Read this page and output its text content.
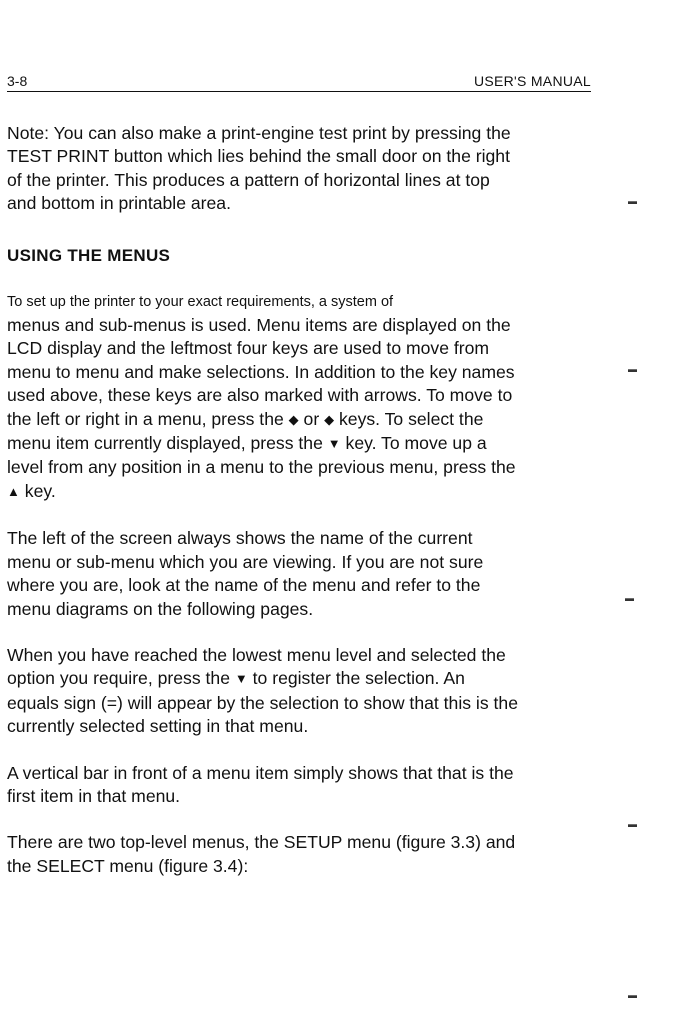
3-8	USER'S MANUAL

Note: You can also make a print-engine test print by pressing the
TEST PRINT button which lies behind the small door on the right
of the printer. This produces a pattern of horizontal lines at top
and bottom in printable area.

USING THE MENUS

To set up the printer to your exact requirements, a system of
menus and sub-menus is used. Menu items are displayed on the
LCD display and the leftmost four keys are used to move from
menu to menu and make selections. In addition to the key names
used above, these keys are also marked with arrows. To move to
the left or right in a menu, press the ◆ or ◆ keys. To select the
menu item currently displayed, press the ▼ key. To move up a
level from any position in a menu to the previous menu, press the
▲ key.

The left of the screen always shows the name of the current
menu or sub-menu which you are viewing. If you are not sure
where you are, look at the name of the menu and refer to the
menu diagrams on the following pages.

When you have reached the lowest menu level and selected the
option you require, press the ▼ to register the selection. An
equals sign (=) will appear by the selection to show that this is the
currently selected setting in that menu.

A vertical bar in front of a menu item simply shows that that is the
first item in that menu.

There are two top-level menus, the SETUP menu (figure 3.3) and
the SELECT menu (figure 3.4):

▬
▬
▬
▬
▬
